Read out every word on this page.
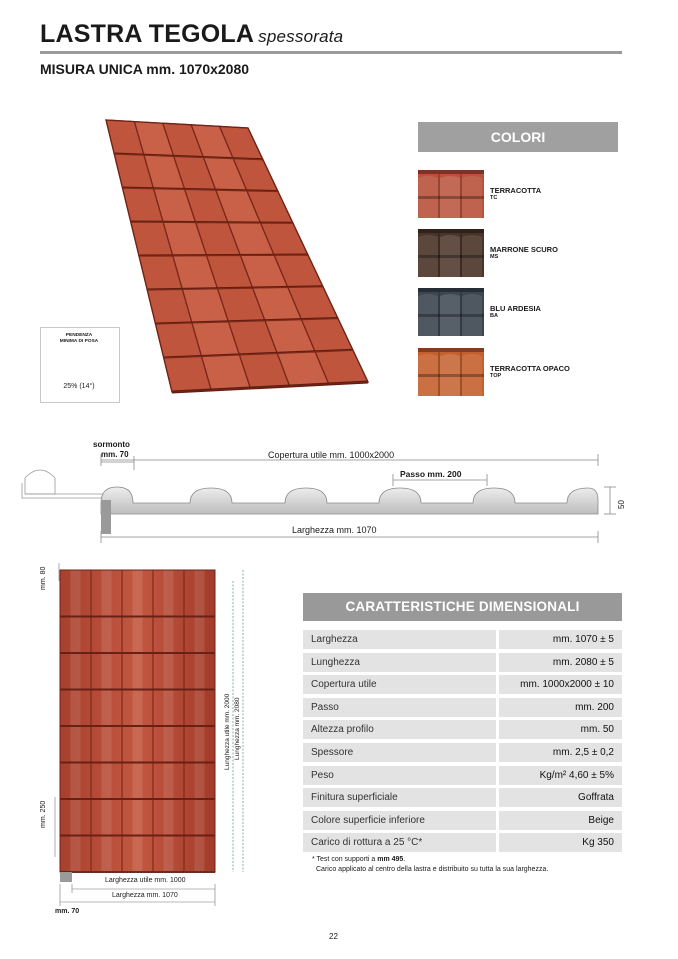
LASTRA TEGOLA spessorata
MISURA UNICA mm. 1070x2080
PENDENZA
MINIMA DI POSA
25% (14°)
COLORI
TERRACOTTA
TC
MARRONE SCURO
MS
BLU ARDESIA
BA
TERRACOTTA OPACO
TOP
sormonto
mm. 70	Copertura utile mm. 1000x2000
Passo mm. 200
50
Larghezza mm. 1070
mm. 80
mm. 250
Lunghezza utile mm. 2000 Lunghezza mm. 2080
Larghezza utile mm. 1000
Larghezza mm. 1070
mm. 70
CARATTERISTICHE DIMENSIONALI
Larghezza	mm. 1070 ± 5
Lunghezza	mm. 2080 ± 5
Copertura utile	mm. 1000x2000 ± 10
Passo	mm. 200
Altezza profilo	mm. 50
Spessore	mm. 2,5 ± 0,2
Peso	Kg/m² 4,60 ± 5%
Finitura superficiale	Goffrata
Colore superficie inferiore	Beige
Carico di rottura a 25 °C*	Kg 350
* Test con supporti a mm 495.
Carico applicato al centro della lastra e distribuito su tutta la sua larghezza.
22
